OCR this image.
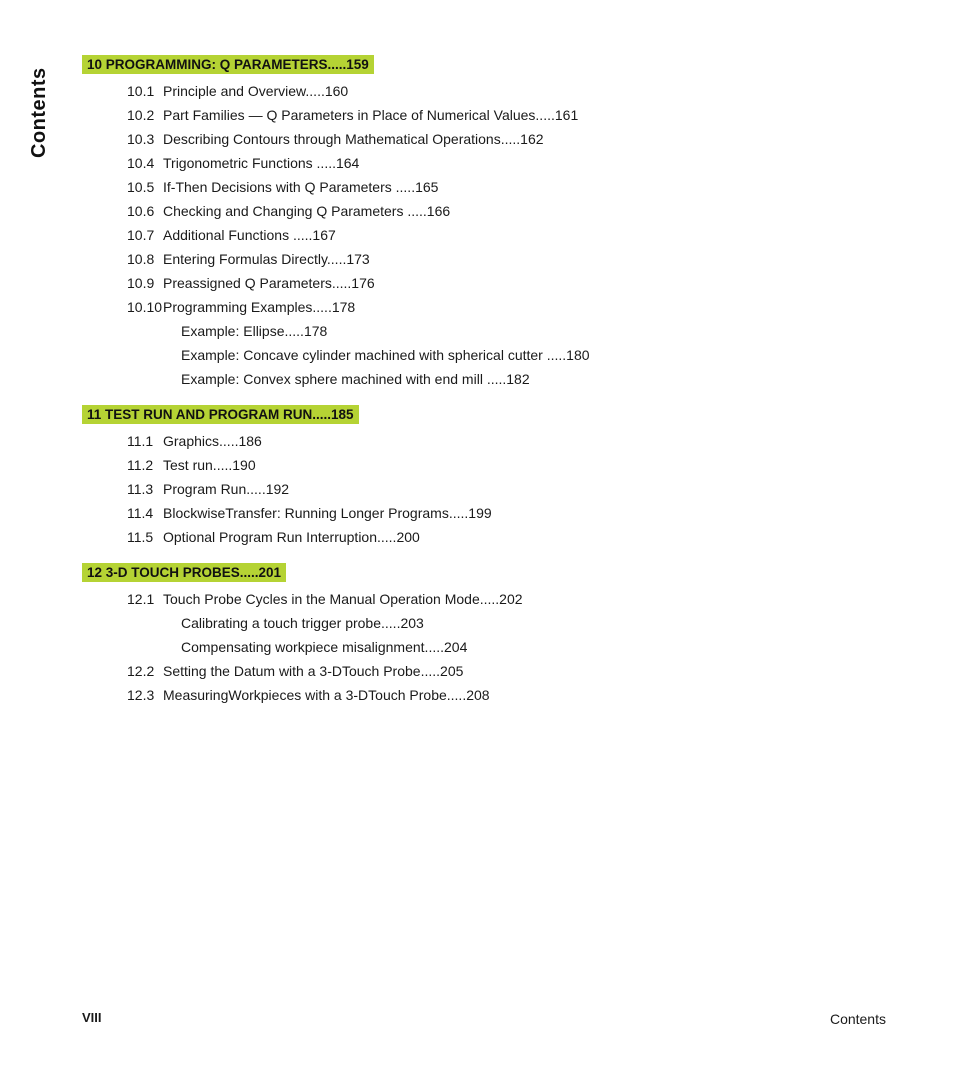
Contents
10 PROGRAMMING: Q PARAMETERS.....159
10.1 Principle and Overview.....160
10.2 Part Families — Q Parameters in Place of Numerical Values.....161
10.3 Describing Contours through Mathematical Operations.....162
10.4 Trigonometric Functions .....164
10.5 If-Then Decisions with Q Parameters .....165
10.6 Checking and Changing Q Parameters .....166
10.7 Additional Functions .....167
10.8 Entering Formulas Directly.....173
10.9 Preassigned Q Parameters.....176
10.10 Programming Examples.....178
Example: Ellipse.....178
Example: Concave cylinder machined with spherical cutter .....180
Example: Convex sphere machined with end mill .....182
11 TEST RUN AND PROGRAM RUN.....185
11.1 Graphics.....186
11.2 Test run.....190
11.3 Program Run.....192
11.4 BlockwiseTransfer: Running Longer Programs.....199
11.5 Optional Program Run Interruption.....200
12 3-D TOUCH PROBES.....201
12.1 Touch Probe Cycles in the Manual Operation Mode.....202
Calibrating a touch trigger probe.....203
Compensating workpiece misalignment.....204
12.2 Setting the Datum with a 3-DTouch Probe.....205
12.3 MeasuringWorkpieces with a 3-DTouch Probe.....208
VIII	Contents
